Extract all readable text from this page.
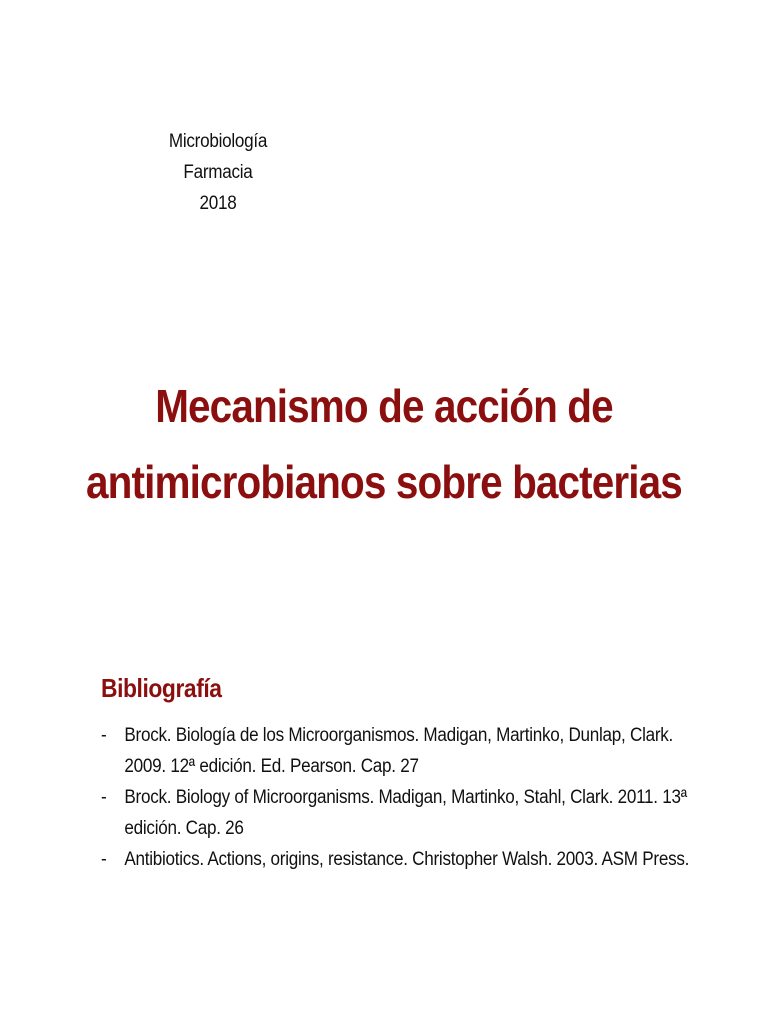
Microbiología
Farmacia
2018
Mecanismo de acción de
antimicrobianos sobre bacterias
Bibliografía
- Brock. Biología de los Microorganismos. Madigan, Martinko, Dunlap, Clark.
2009. 12ª edición. Ed. Pearson. Cap. 27
- Brock. Biology of Microorganisms. Madigan, Martinko, Stahl, Clark. 2011. 13ª
edición. Cap. 26
- Antibiotics. Actions, origins, resistance. Christopher Walsh. 2003. ASM Press.
